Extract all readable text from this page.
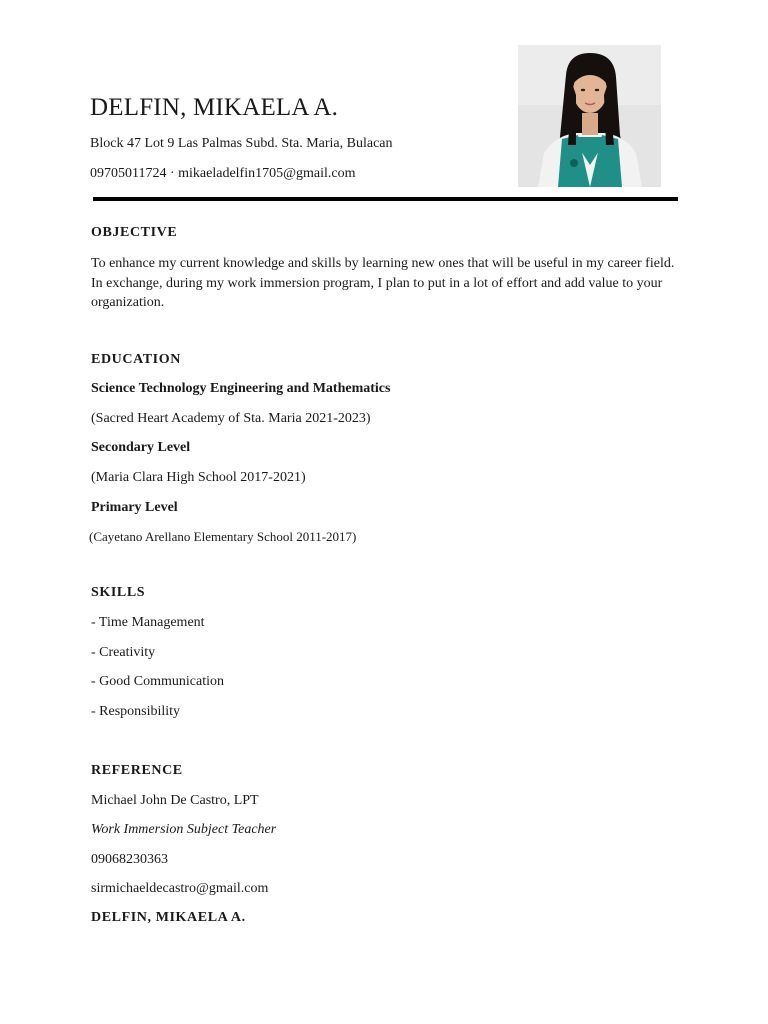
DELFIN, MIKAELA A.

Block 47 Lot 9 Las Palmas Subd. Sta. Maria, Bulacan

09705011724 · mikaeladelfin1705@gmail.com

OBJECTIVE

To enhance my current knowledge and skills by learning new ones that will be useful in my career field. In exchange, during my work immersion program, I plan to put in a lot of effort and add value to your organization.

EDUCATION

Science Technology Engineering and Mathematics

(Sacred Heart Academy of Sta. Maria 2021-2023)

Secondary Level

(Maria Clara High School 2017-2021)

Primary Level

(Cayetano Arellano Elementary School 2011-2017)

SKILLS

- Time Management

- Creativity

- Good Communication

- Responsibility

REFERENCE

Michael John De Castro, LPT

Work Immersion Subject Teacher

09068230363

sirmichaeldecastro@gmail.com

DELFIN, MIKAELA A.
